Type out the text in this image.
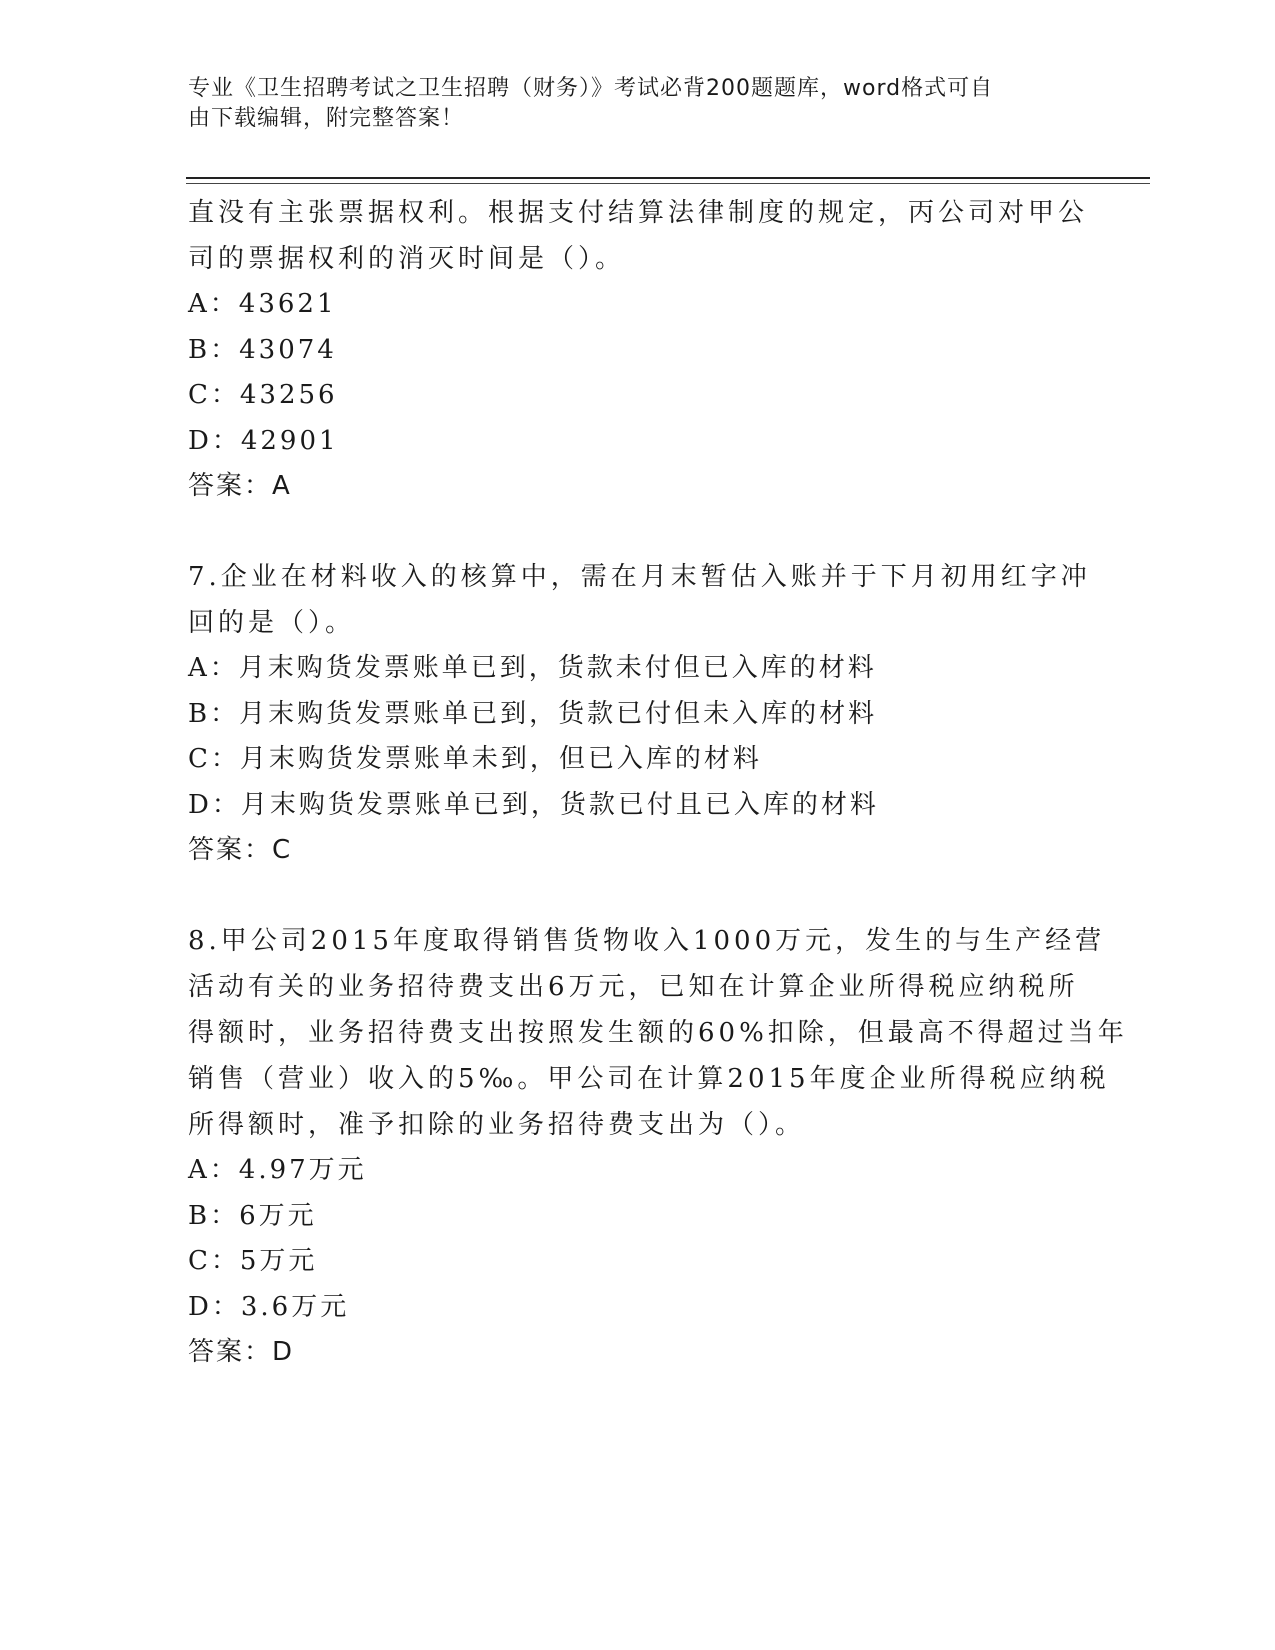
专业《卫生招聘考试之卫生招聘（财务）》考试必背200题题库，word格式可自
由下载编辑，附完整答案！
直没有主张票据权利。根据支付结算法律制度的规定，丙公司对甲公
司的票据权利的消灭时间是（）。
A：43621
B：43074
C：43256
D：42901
答案：A
7.企业在材料收入的核算中，需在月末暂估入账并于下月初用红字冲
回的是（）。
A：月末购货发票账单已到，货款未付但已入库的材料
B：月末购货发票账单已到，货款已付但未入库的材料
C：月末购货发票账单未到，但已入库的材料
D：月末购货发票账单已到，货款已付且已入库的材料
答案：C
8.甲公司2015年度取得销售货物收入1000万元，发生的与生产经营
活动有关的业务招待费支出6万元，已知在计算企业所得税应纳税所
得额时，业务招待费支出按照发生额的60%扣除，但最高不得超过当年
销售（营业）收入的5‰。甲公司在计算2015年度企业所得税应纳税
所得额时，准予扣除的业务招待费支出为（）。
A：4.97万元
B：6万元
C：5万元
D：3.6万元
答案：D
